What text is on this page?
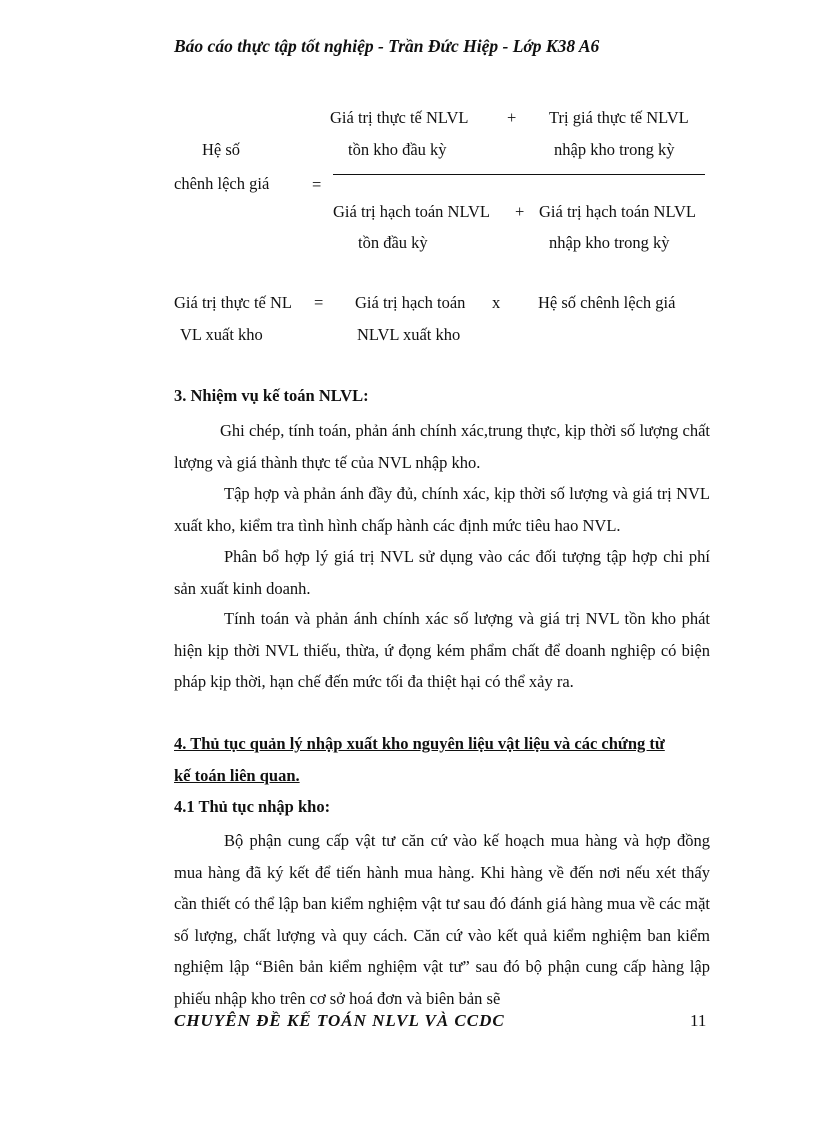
Báo cáo thực tập tốt nghiệp - Trần Đức Hiệp - Lớp K38 A6
Hệ số
chênh lệch giá	=
Giá trị thực tế NLVL
tồn kho đầu kỳ
+ Trị giá thực tế NLVL
nhập kho trong kỳ
Giá trị hạch toán NLVL
tồn đầu kỳ
+ Giá trị hạch toán NLVL
nhập kho trong kỳ
Giá trị thực tế NL
VL xuất kho
= Giá trị hạch toán
NLVL xuất kho
x Hệ số chênh lệch giá
3. Nhiệm vụ kế toán NLVL:

Ghi chép, tính toán, phản ánh chính xác,trung thực, kịp thời số lượng chất lượng và giá thành thực tế của NVL nhập kho.

Tập hợp và phản ánh đầy đủ, chính xác, kịp thời số lượng và giá trị NVL xuất kho, kiểm tra tình hình chấp hành các định mức tiêu hao NVL.

Phân bổ hợp lý giá trị NVL sử dụng vào các đối tượng tập hợp chi phí sản xuất kinh doanh.

Tính toán và phản ánh chính xác số lượng và giá trị NVL tồn kho phát hiện kịp thời NVL thiếu, thừa, ứ đọng kém phẩm chất để doanh nghiệp có biện pháp kịp thời, hạn chế đến mức tối đa thiệt hại có thể xảy ra.

4. Thủ tục quản lý nhập xuất kho nguyên liệu vật liệu và các chứng từ
kế toán liên quan.
4.1 Thủ tục nhập kho:

Bộ phận cung cấp vật tư căn cứ vào kế hoạch mua hàng và hợp đồng mua hàng đã ký kết để tiến hành mua hàng. Khi hàng về đến nơi nếu xét thấy cần thiết có thể lập ban kiểm nghiệm vật tư sau đó đánh giá hàng mua về các mặt số lượng, chất lượng và quy cách. Căn cứ vào kết quả kiểm nghiệm ban kiểm nghiệm lập “Biên bản kiểm nghiệm vật tư” sau đó bộ phận cung cấp hàng lập phiếu nhập kho trên cơ sở hoá đơn và biên bản sẽ

CHUYÊN ĐỀ KẾ TOÁN NLVL VÀ CCDC	11
